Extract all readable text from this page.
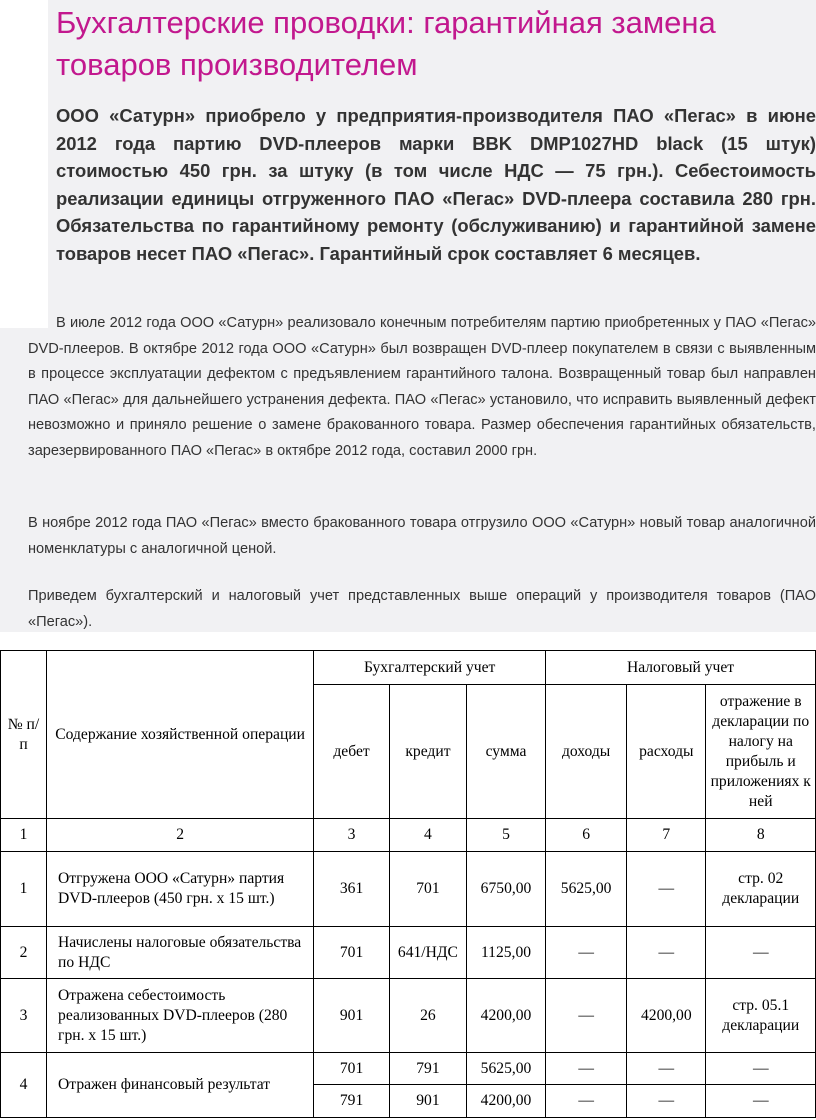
Бухгалтерские проводки: гарантийная замена товаров производителем
ООО «Сатурн» приобрело у предприятия-производителя ПАО «Пегас» в июне 2012 года партию DVD-плееров марки BBK DMP1027HD black (15 штук) стоимостью 450 грн. за штуку (в том числе НДС — 75 грн.). Себестоимость реализации единицы отгруженного ПАО «Пегас» DVD-плеера составила 280 грн. Обязательства по гарантийному ремонту (обслуживанию) и гарантийной замене товаров несет ПАО «Пегас». Гарантийный срок составляет 6 месяцев.
В июле 2012 года ООО «Сатурн» реализовало конечным потребителям партию приобретенных у ПАО «Пегас» DVD-плееров. В октябре 2012 года ООО «Сатурн» был возвращен DVD-плеер покупателем в связи с выявленным в процессе эксплуатации дефектом с предъявлением гарантийного талона. Возвращенный товар был направлен ПАО «Пегас» для дальнейшего устранения дефекта. ПАО «Пегас» установило, что исправить выявленный дефект невозможно и приняло решение о замене бракованного товара. Размер обеспечения гарантийных обязательств, зарезервированного ПАО «Пегас» в октябре 2012 года, составил 2000 грн.
В ноябре 2012 года ПАО «Пегас» вместо бракованного товара отгрузило ООО «Сатурн» новый товар аналогичной номенклатуры с аналогичной ценой.
Приведем бухгалтерский и налоговый учет представленных выше операций у производителя товаров (ПАО «Пегас»).
№ п/п	Содержание хозяйственной операции	Бухгалтерский учет			Налоговый учет		
		дебет	кредит	сумма	доходы	расходы	отражение в декларации по налогу на прибыль и приложениях к ней
1	2	3	4	5	6	7	8
1	Отгружена ООО «Сатурн» партия DVD-плееров (450 грн. х 15 шт.)	361	701	6750,00	5625,00	—	стр. 02 декларации
2	Начислены налоговые обязательства по НДС	701	641/НДС	1125,00	—	—	—
3	Отражена себестоимость реализованных DVD-плееров (280 грн. х 15 шт.)	901	26	4200,00	—	4200,00	стр. 05.1 декларации
4	Отражен финансовый результат	701	791	5625,00	—	—	—
		791	901	4200,00	—	—	—
